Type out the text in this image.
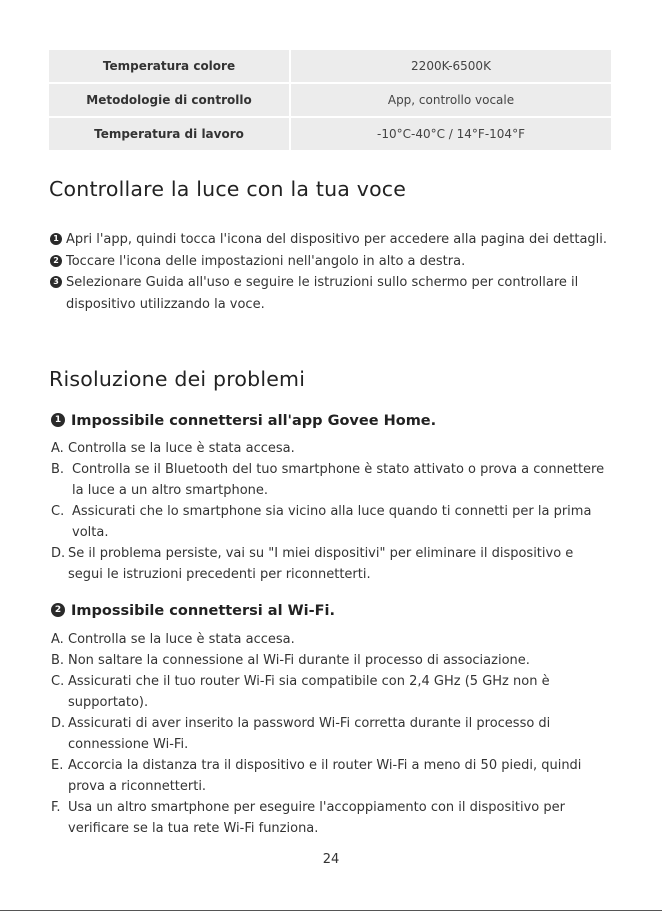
Temperatura colore	2200K-6500K
Metodologie di controllo	App, controllo vocale
Temperatura di lavoro	-10°C-40°C / 14°F-104°F
Controllare la luce con la tua voce
1 Apri l'app, quindi tocca l'icona del dispositivo per accedere alla pagina dei dettagli.
2 Toccare l'icona delle impostazioni nell'angolo in alto a destra.
3 Selezionare Guida all'uso e seguire le istruzioni sullo schermo per controllare il dispositivo utilizzando la voce.
Risoluzione dei problemi
1 Impossibile connettersi all'app Govee Home.
A. Controlla se la luce è stata accesa.
B. Controlla se il Bluetooth del tuo smartphone è stato attivato o prova a connettere la luce a un altro smartphone.
C. Assicurati che lo smartphone sia vicino alla luce quando ti connetti per la prima volta.
D. Se il problema persiste, vai su "I miei dispositivi" per eliminare il dispositivo e segui le istruzioni precedenti per riconnetterti.
2 Impossibile connettersi al Wi-Fi.
A. Controlla se la luce è stata accesa.
B. Non saltare la connessione al Wi-Fi durante il processo di associazione.
C. Assicurati che il tuo router Wi-Fi sia compatibile con 2,4 GHz (5 GHz non è supportato).
D. Assicurati di aver inserito la password Wi-Fi corretta durante il processo di connessione Wi-Fi.
E. Accorcia la distanza tra il dispositivo e il router Wi-Fi a meno di 50 piedi, quindi prova a riconnetterti.
F. Usa un altro smartphone per eseguire l'accoppiamento con il dispositivo per verificare se la tua rete Wi-Fi funziona.
24
